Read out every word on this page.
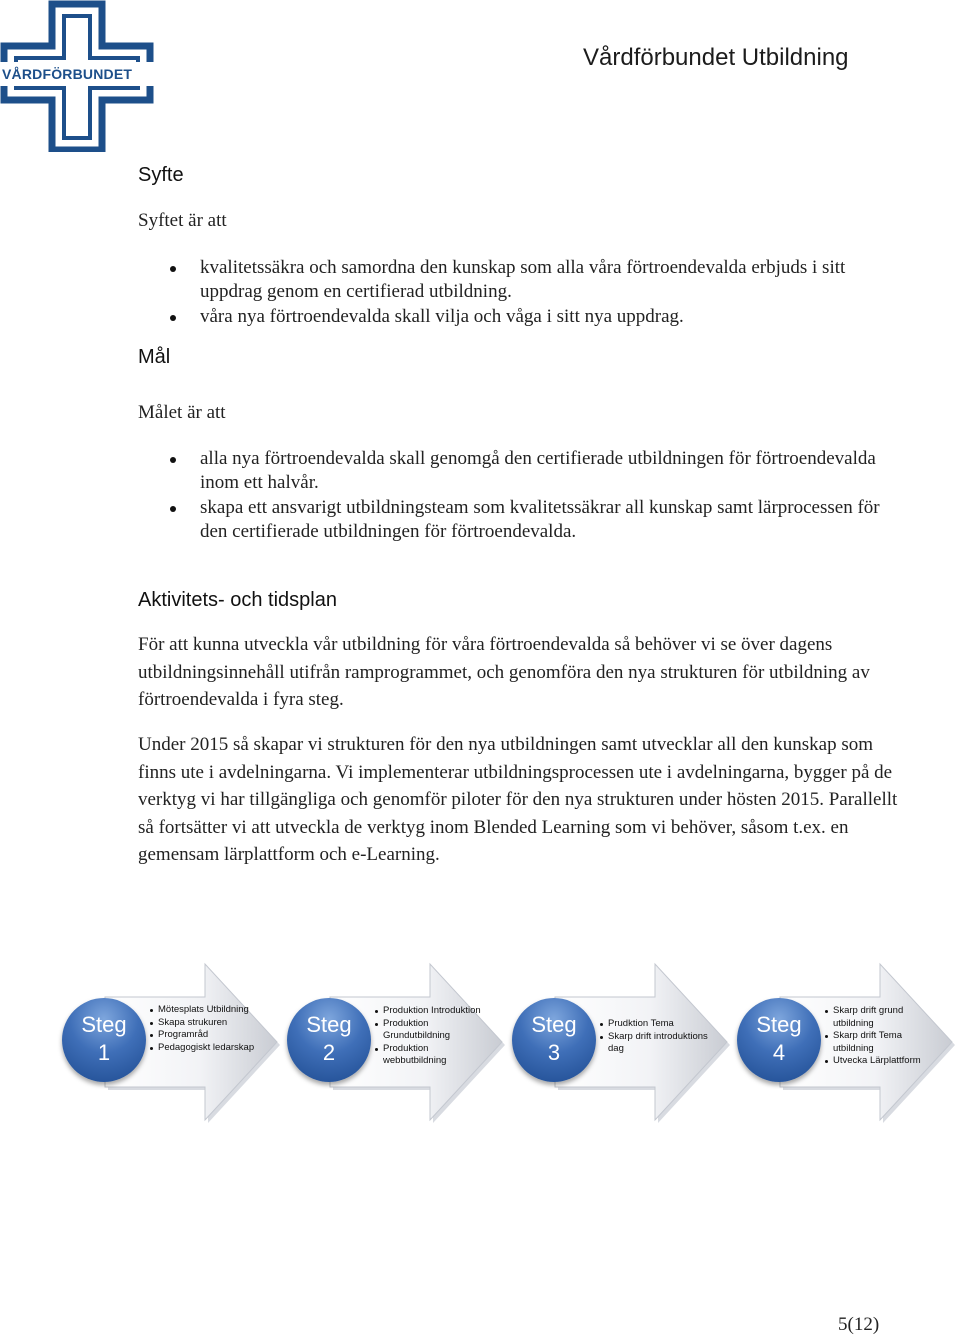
VÅRDFÖRBUNDET
Vårdförbundet Utbildning
Syfte
Syftet är att
kvalitetssäkra och samordna den kunskap som alla våra förtroendevalda erbjuds i sitt uppdrag genom en certifierad utbildning.
våra nya förtroendevalda skall vilja och våga i sitt nya uppdrag.
Mål
Målet är att
alla nya förtroendevalda skall genomgå den certifierade utbildningen för förtroendevalda inom ett halvår.
skapa ett ansvarigt utbildningsteam som kvalitetssäkrar all kunskap samt lärprocessen för den certifierade utbildningen för förtroendevalda.
Aktivitets- och tidsplan

För att kunna utveckla vår utbildning för våra förtroendevalda så behöver vi se över dagens utbildningsinnehåll utifrån ramprogrammet, och genomföra den nya strukturen för utbildning av förtroendevalda i fyra steg.

Under 2015 så skapar vi strukturen för den nya utbildningen samt utvecklar all den kunskap som finns ute i avdelningarna. Vi implementerar utbildningsprocessen ute i avdelningarna, bygger på de verktyg vi har tillgängliga och genomför piloter för den nya strukturen under hösten 2015. Parallellt så fortsätter vi att utveckla de verktyg inom Blended Learning som vi behöver, såsom t.ex. en gemensam lärplattform och e-Learning.

Steg
1
Mötesplats Utbildning
Skapa strukuren
Programråd
Pedagogiskt ledarskap
Steg
2
Produktion Introduktion
Produktion Grundutbildning
Produktion webbutbildning
Steg
3
Prudktion Tema
Skarp drift introduktions dag
Steg
4
Skarp drift grund utbildning
Skarp drift Tema utbildning
Utvecka Lärplattform
5(12)
